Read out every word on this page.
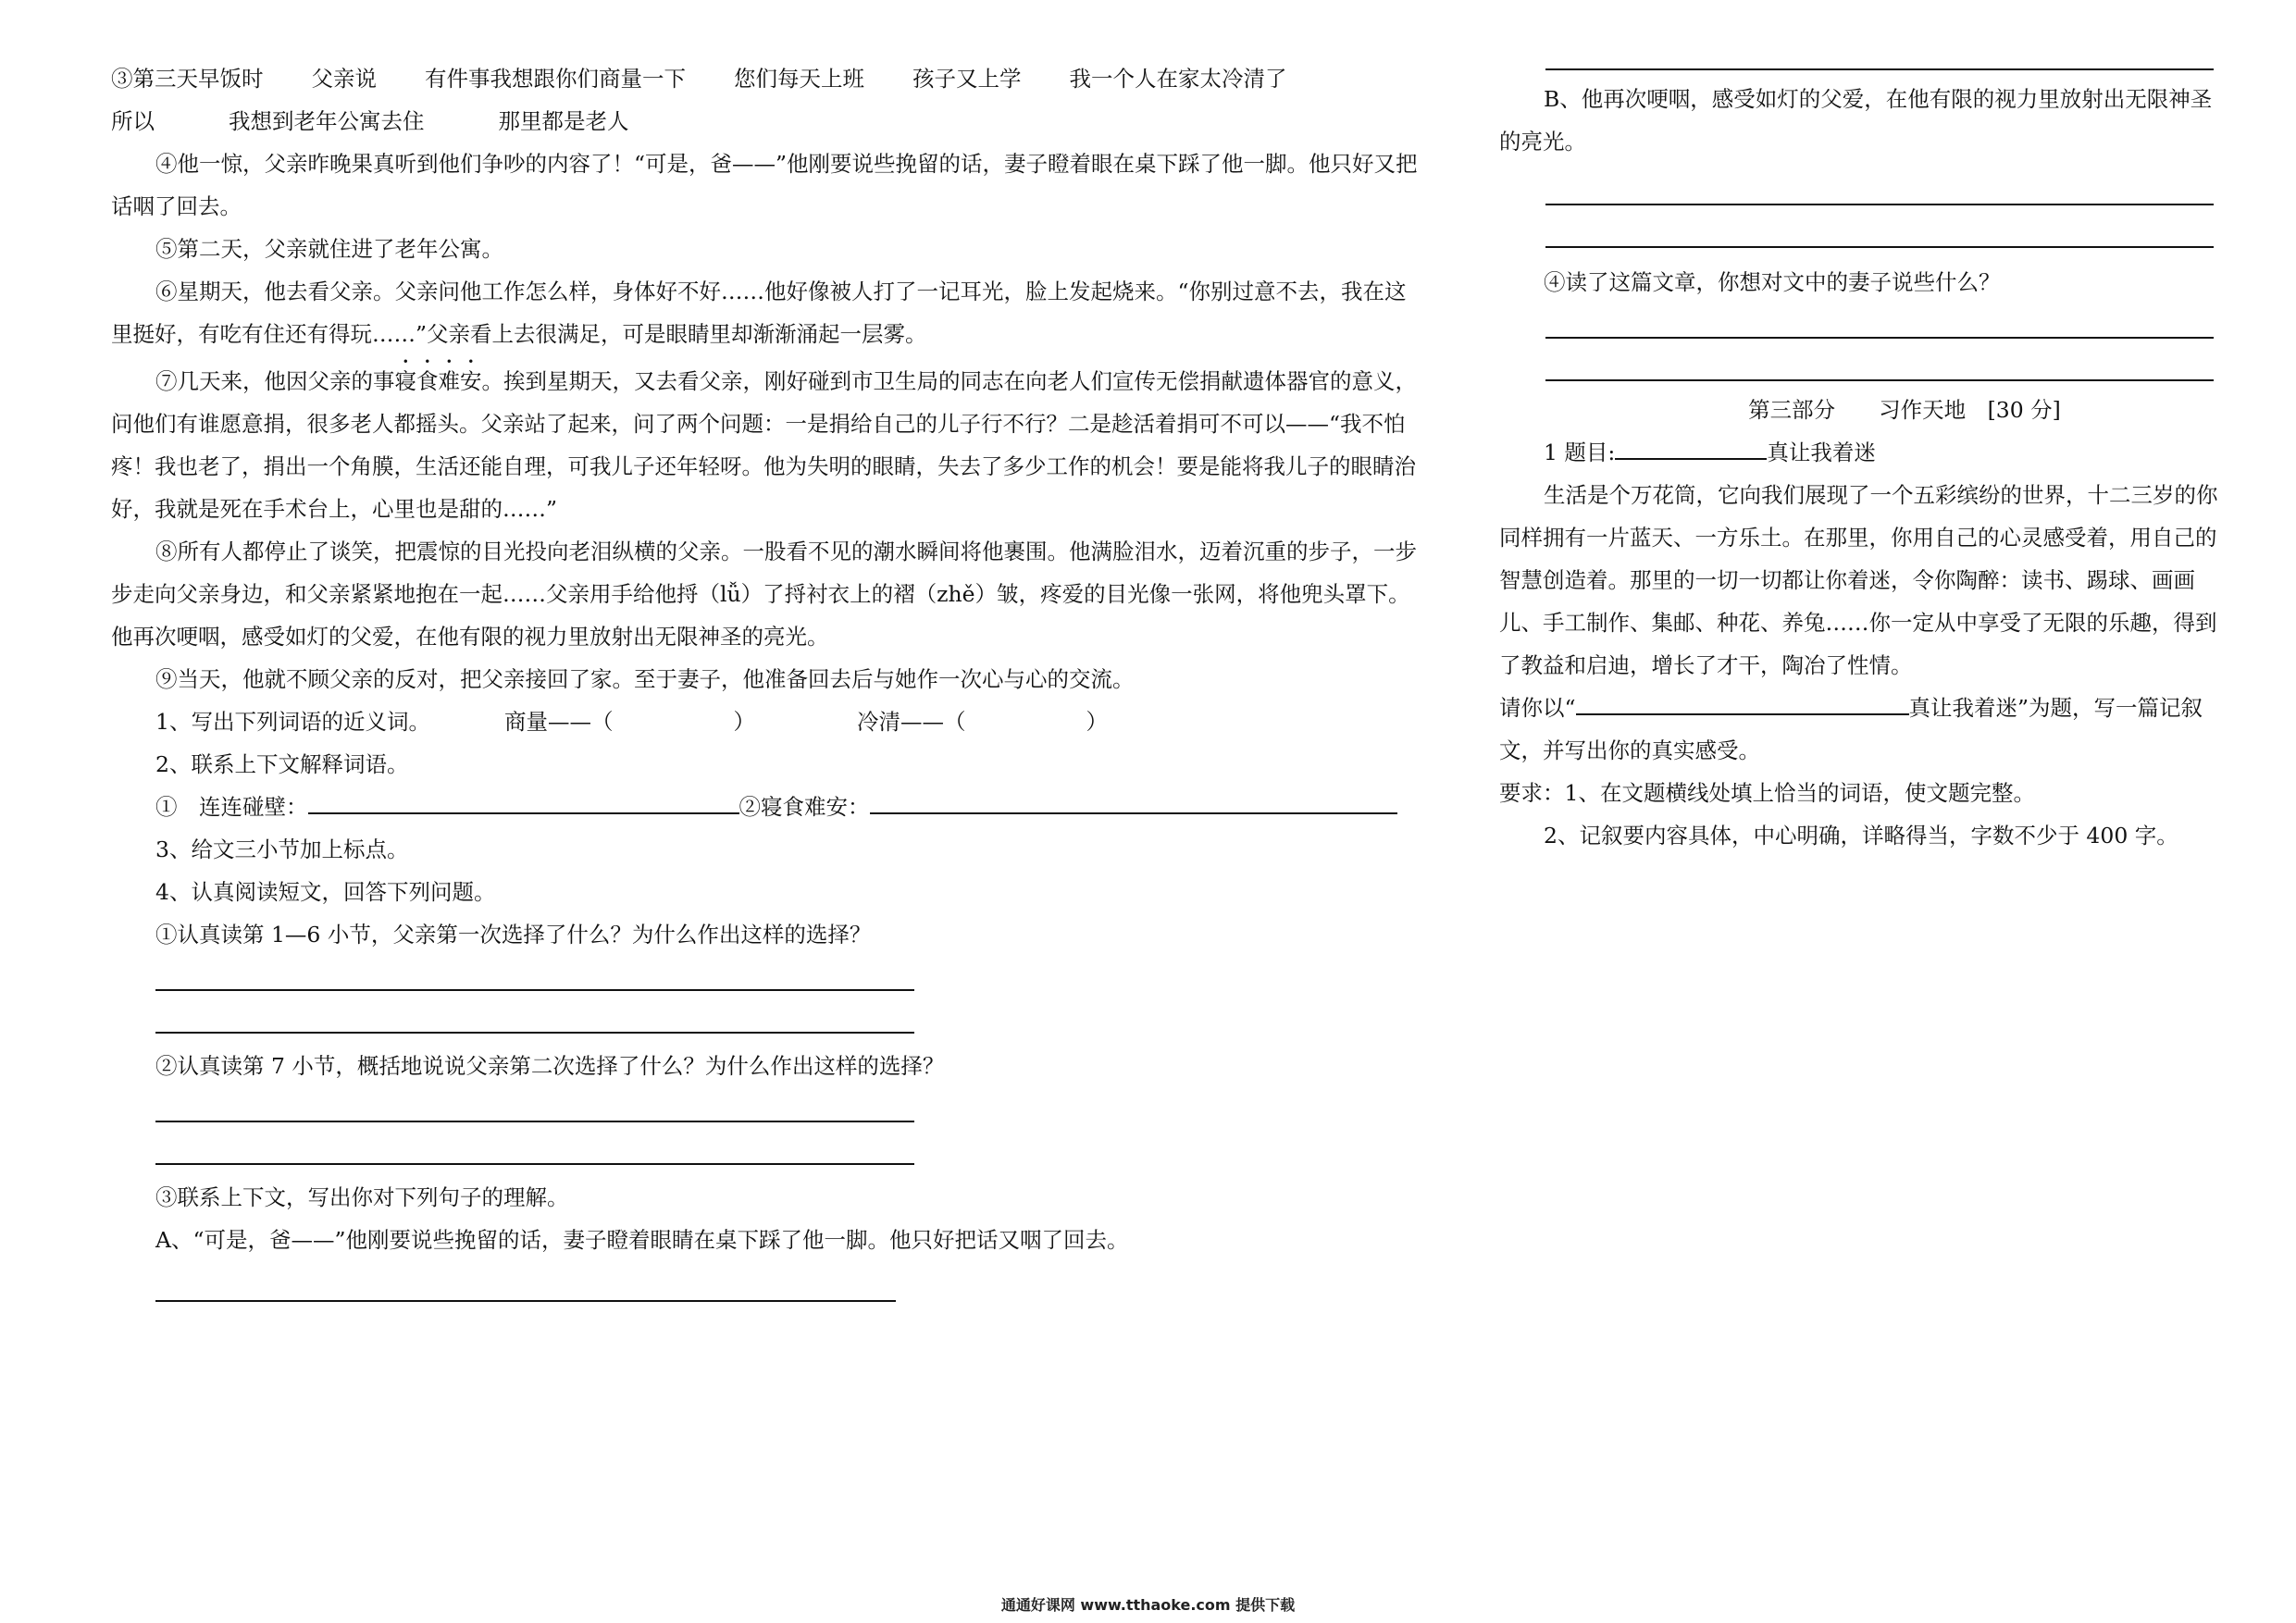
③第三天早饭时 父亲说 有件事我想跟你们商量一下 您们每天上班 孩子又上学 我一个人在家太冷清了

所以	我想到老年公寓去住	那里都是老人

④他一惊，父亲昨晚果真听到他们争吵的内容了！“可是，爸——”他刚要说些挽留的话，妻子瞪着眼在桌下踩了他一脚。他只好又把话咽了回去。

⑤第二天，父亲就住进了老年公寓。

⑥星期天，他去看父亲。父亲问他工作怎么样，身体好不好……他好像被人打了一记耳光，脸上发起烧来。“你别过意不去，我在这里挺好，有吃有住还有得玩……”父亲看上去很满足，可是眼睛里却渐渐涌起一层雾。

⑦几天来，他因父亲的事寝食难安。挨到星期天，又去看父亲，刚好碰到市卫生局的同志在向老人们宣传无偿捐献遗体器官的意义，问他们有谁愿意捐，很多老人都摇头。父亲站了起来，问了两个问题：一是捐给自己的儿子行不行？二是趁活着捐可不可以——“我不怕疼！我也老了，捐出一个角膜，生活还能自理，可我儿子还年轻呀。他为失明的眼睛，失去了多少工作的机会！要是能将我儿子的眼睛治好，我就是死在手术台上，心里也是甜的……”

⑧所有人都停止了谈笑，把震惊的目光投向老泪纵横的父亲。一股看不见的潮水瞬间将他裹围。他满脸泪水，迈着沉重的步子，一步步走向父亲身边，和父亲紧紧地抱在一起……父亲用手给他捋（lǚ）了捋衬衣上的褶（zhě）皱，疼爱的目光像一张网，将他兜头罩下。他再次哽咽，感受如灯的父爱，在他有限的视力里放射出无限神圣的亮光。

⑨当天，他就不顾父亲的反对，把父亲接回了家。至于妻子，他准备回去后与她作一次心与心的交流。

1、写出下列词语的近义词。	商量——（	）	冷清——（	）

2、联系上下文解释词语。

①　连连碰壁：	②寝食难安：

3、给文三小节加上标点。

4、认真阅读短文，回答下列问题。

①认真读第 1—6 小节，父亲第一次选择了什么？为什么作出这样的选择？

②认真读第 7 小节，概括地说说父亲第二次选择了什么？为什么作出这样的选择？

③联系上下文，写出你对下列句子的理解。

A、“可是，爸——”他刚要说些挽留的话，妻子瞪着眼睛在桌下踩了他一脚。他只好把话又咽了回去。

B、他再次哽咽，感受如灯的父爱，在他有限的视力里放射出无限神圣的亮光。

④读了这篇文章，你想对文中的妻子说些什么？

第三部分　　习作天地　[30 分]

1 题目:	真让我着迷

生活是个万花筒，它向我们展现了一个五彩缤纷的世界，十二三岁的你同样拥有一片蓝天、一方乐土。在那里，你用自己的心灵感受着，用自己的智慧创造着。那里的一切一切都让你着迷，令你陶醉：读书、踢球、画画儿、手工制作、集邮、种花、养兔……你一定从中享受了无限的乐趣，得到了教益和启迪，增长了才干，陶冶了性情。

请你以“	真让我着迷”为题，写一篇记叙文，并写出你的真实感受。

要求：1、在文题横线处填上恰当的词语，使文题完整。

2、记叙要内容具体，中心明确，详略得当，字数不少于 400 字。

通通好课网 www.tthaoke.com 提供下载
